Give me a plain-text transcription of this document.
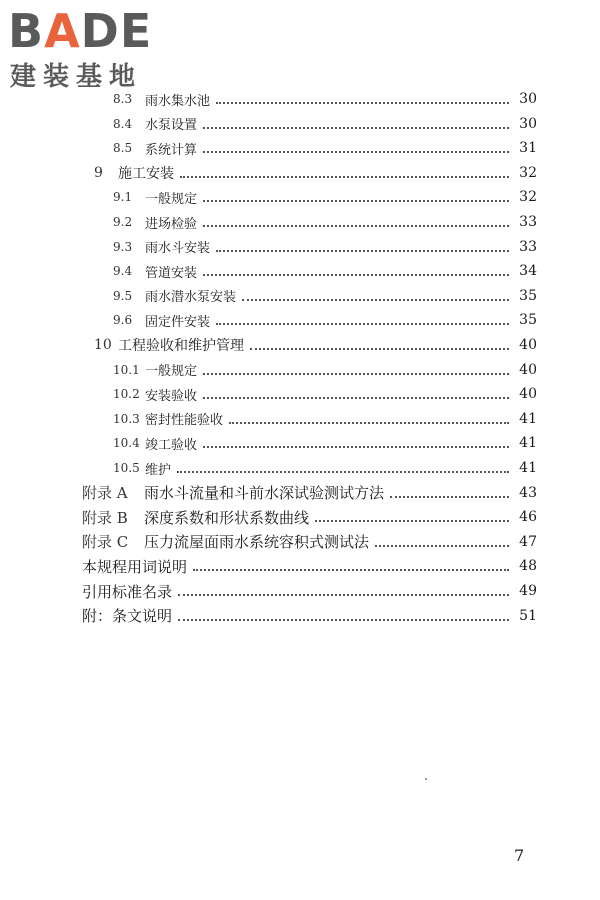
BADE
建装基地
8.3 雨水集水池	30
8.4 水泵设置	30
8.5 系统计算	31
9	施工安装	32
9.1 一般规定	32
9.2 进场检验	33
9.3 雨水斗安装	33
9.4 管道安装	34
9.5 雨水潜水泵安装	35
9.6 固定件安装	35
10 工程验收和维护管理	40
10.1 一般规定	40
10.2 安装验收	40
10.3 密封性能验收	41
10.4 竣工验收	41
10.5 维护	41
附录 A	雨水斗流量和斗前水深试验测试方法	43
附录 B	深度系数和形状系数曲线	46
附录 C	压力流屋面雨水系统容积式测试法	47
本规程用词说明	48
引用标准名录	49
附：条文说明	51
7
